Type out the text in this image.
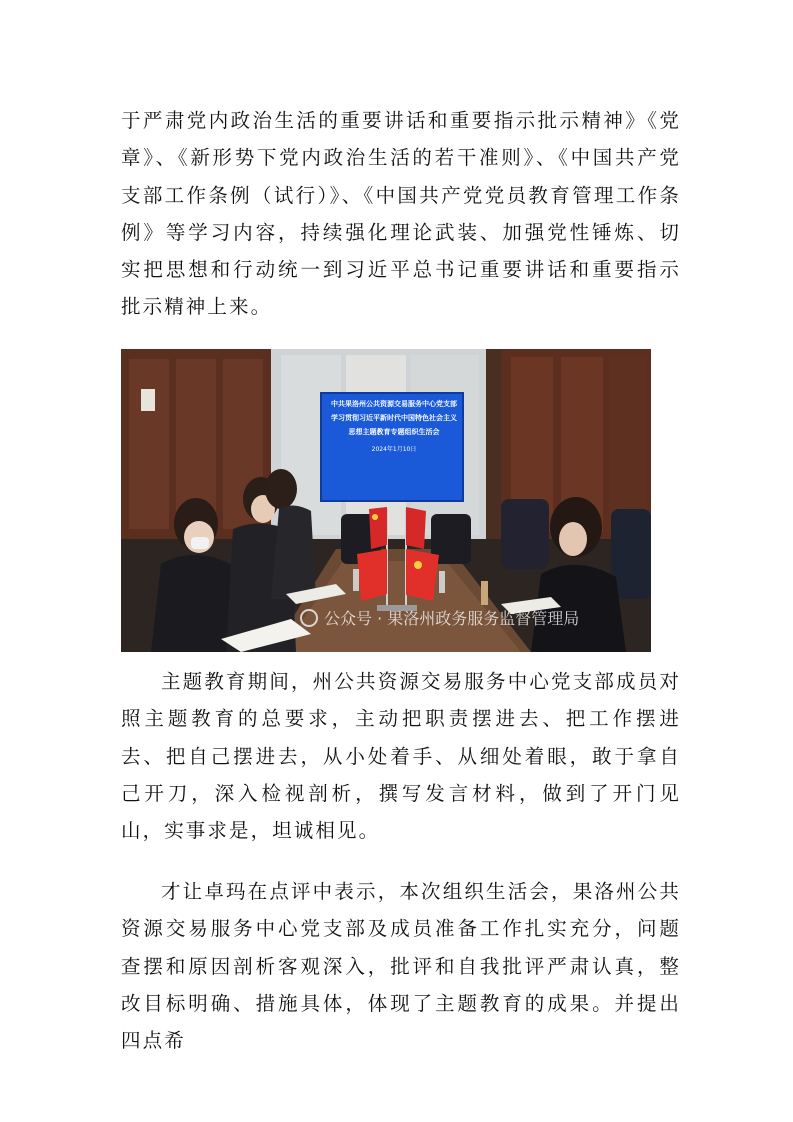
于严肃党内政治生活的重要讲话和重要指示批示精神》《党章》、《新形势下党内政治生活的若干准则》、《中国共产党支部工作条例（试行）》、《中国共产党党员教育管理工作条例》等学习内容，持续强化理论武装、加强党性锤炼、切实把思想和行动统一到习近平总书记重要讲话和重要指示批示精神上来。

中共果洛州公共资源交易服务中心党支部
学习贯彻习近平新时代中国特色社会主义
思想主题教育专题组织生活会
2024年1月10日
公众号 · 果洛州政务服务监督管理局

主题教育期间，州公共资源交易服务中心党支部成员对照主题教育的总要求，主动把职责摆进去、把工作摆进去、把自己摆进去，从小处着手、从细处着眼，敢于拿自己开刀，深入检视剖析，撰写发言材料，做到了开门见山，实事求是，坦诚相见。

才让卓玛在点评中表示，本次组织生活会，果洛州公共资源交易服务中心党支部及成员准备工作扎实充分，问题查摆和原因剖析客观深入，批评和自我批评严肃认真，整改目标明确、措施具体，体现了主题教育的成果。并提出四点希
